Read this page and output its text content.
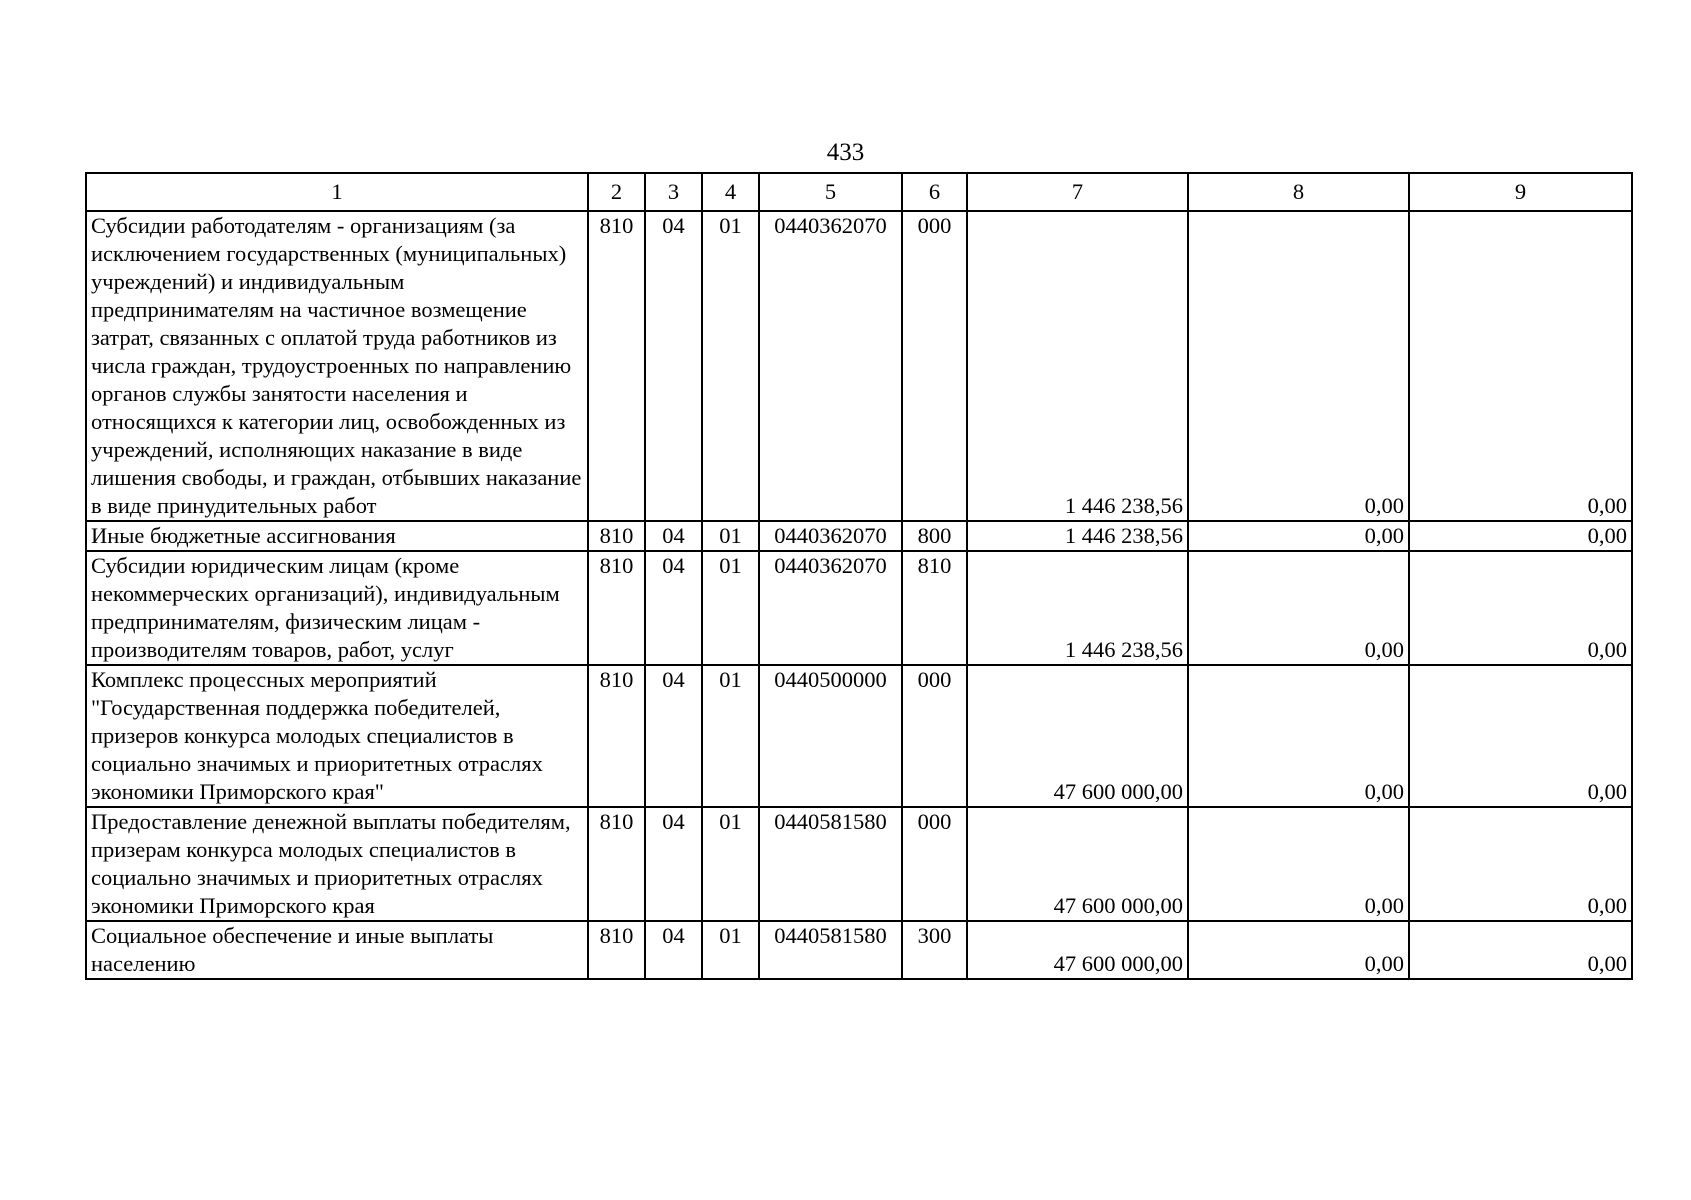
433
1	2	3	4	5	6	7	8	9
Субсидии работодателям - организациям (за исключением государственных (муниципальных) учреждений) и индивидуальным предпринимателям на частичное возмещение затрат, связанных с оплатой труда работников из числа граждан, трудоустроенных по направлению органов службы занятости населения и относящихся к категории лиц, освобожденных из учреждений, исполняющих наказание в виде лишения свободы, и граждан, отбывших наказание в виде принудительных работ	810	04	01	0440362070	000	1 446 238,56	0,00	0,00
Иные бюджетные ассигнования	810	04	01	0440362070	800	1 446 238,56	0,00	0,00
Субсидии юридическим лицам (кроме некоммерческих организаций), индивидуальным предпринимателям, физическим лицам - производителям товаров, работ, услуг	810	04	01	0440362070	810	1 446 238,56	0,00	0,00
Комплекс процессных мероприятий "Государственная поддержка победителей, призеров конкурса молодых специалистов в социально значимых и приоритетных отраслях экономики Приморского края"	810	04	01	0440500000	000	47 600 000,00	0,00	0,00
Предоставление денежной выплаты победителям, призерам конкурса молодых специалистов в социально значимых и приоритетных отраслях экономики Приморского края	810	04	01	0440581580	000	47 600 000,00	0,00	0,00
Социальное обеспечение и иные выплаты населению	810	04	01	0440581580	300	47 600 000,00	0,00	0,00
